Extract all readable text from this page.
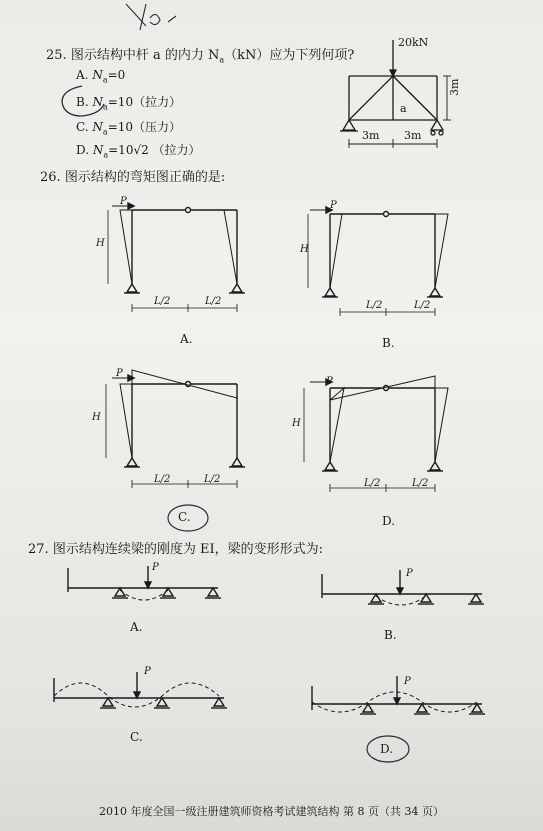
25. 图示结构中杆 a 的内力 $N_a(kN)$应为下列何项?
A. $N_a=0$
B. $N_a=10$（拉力）
C. $N_a=10$（压力）
D. $N_a=10√2$ （拉力）
20kN
a
3m
3m 3m
26. 图示结构的弯矩图正确的是:
P
H
L/2	L/2
A.
P
H
L/2	L/2
B.
P
H
L/2	L/2
C.
P
H
L/2	L/2
D.
27. 图示结构连续梁的刚度为 EI，梁的变形形式为:
P
A.
P
B.
P
C.
P
D.
2010 年度全国一级注册建筑师资格考试建筑结构 第 8 页（共 34 页）
